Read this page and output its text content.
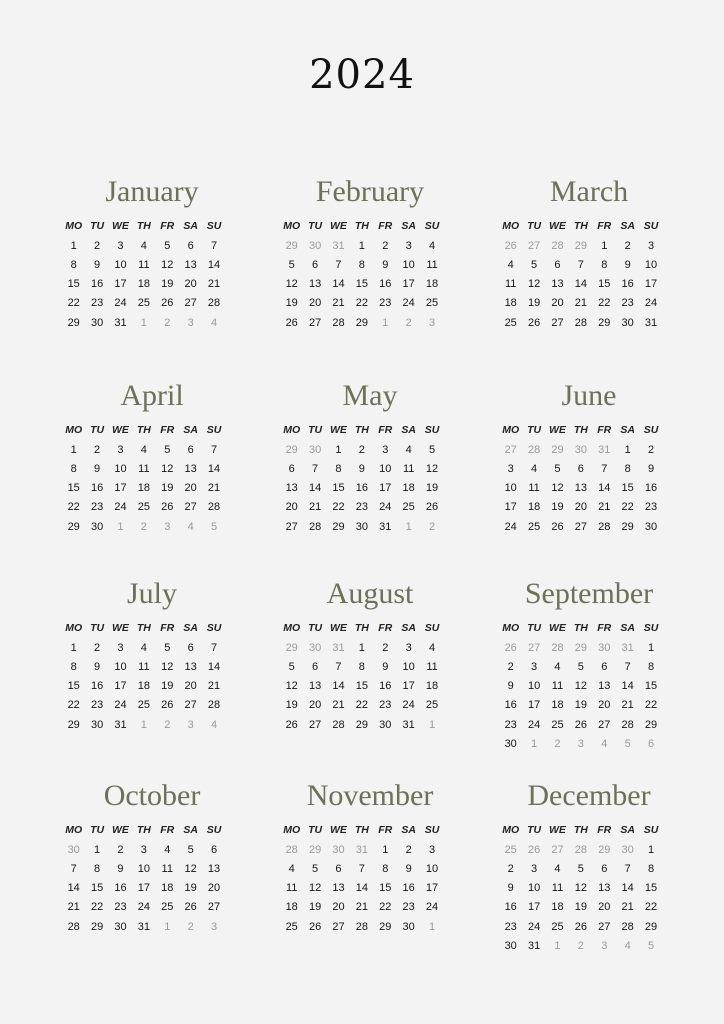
2024
January
MO TU WE TH FR SA SU
1	2	3	4	5	6	7
8	9	10	11	12	13	14
15	16	17	18	19	20	21
22	23	24	25	26	27	28
29	30	31	1	2	3	4
February
MO TU WE TH FR SA SU
29	30	31	1	2	3	4
5	6	7	8	9	10	11
12	13	14	15	16	17	18
19	20	21	22	23	24	25
26	27	28	29	1	2	3
March
MO TU WE TH FR SA SU
26	27	28	29	1	2	3
4	5	6	7	8	9	10
11	12	13	14	15	16	17
18	19	20	21	22	23	24
25	26	27	28	29	30	31
April
MO TU WE TH FR SA SU
1	2	3	4	5	6	7
8	9	10	11	12	13	14
15	16	17	18	19	20	21
22	23	24	25	26	27	28
29	30	1	2	3	4	5
May
MO TU WE TH FR SA SU
29	30	1	2	3	4	5
6	7	8	9	10	11	12
13	14	15	16	17	18	19
20	21	22	23	24	25	26
27	28	29	30	31	1	2
June
MO TU WE TH FR SA SU
27	28	29	30	31	1	2
3	4	5	6	7	8	9
10	11	12	13	14	15	16
17	18	19	20	21	22	23
24	25	26	27	28	29	30
July
MO TU WE TH FR SA SU
1	2	3	4	5	6	7
8	9	10	11	12	13	14
15	16	17	18	19	20	21
22	23	24	25	26	27	28
29	30	31	1	2	3	4
August
MO TU WE TH FR SA SU
29	30	31	1	2	3	4
5	6	7	8	9	10	11
12	13	14	15	16	17	18
19	20	21	22	23	24	25
26	27	28	29	30	31	1
September
MO TU WE TH FR SA SU
26	27	28	29	30	31	1
2	3	4	5	6	7	8
9	10	11	12	13	14	15
16	17	18	19	20	21	22
23	24	25	26	27	28	29
30	1	2	3	4	5	6
October
MO TU WE TH FR SA SU
30	1	2	3	4	5	6
7	8	9	10	11	12	13
14	15	16	17	18	19	20
21	22	23	24	25	26	27
28	29	30	31	1	2	3
November
MO TU WE TH FR SA SU
28	29	30	31	1	2	3
4	5	6	7	8	9	10
11	12	13	14	15	16	17
18	19	20	21	22	23	24
25	26	27	28	29	30	1
December
MO TU WE TH FR SA SU
25	26	27	28	29	30	1
2	3	4	5	6	7	8
9	10	11	12	13	14	15
16	17	18	19	20	21	22
23	24	25	26	27	28	29
30	31	1	2	3	4	5
